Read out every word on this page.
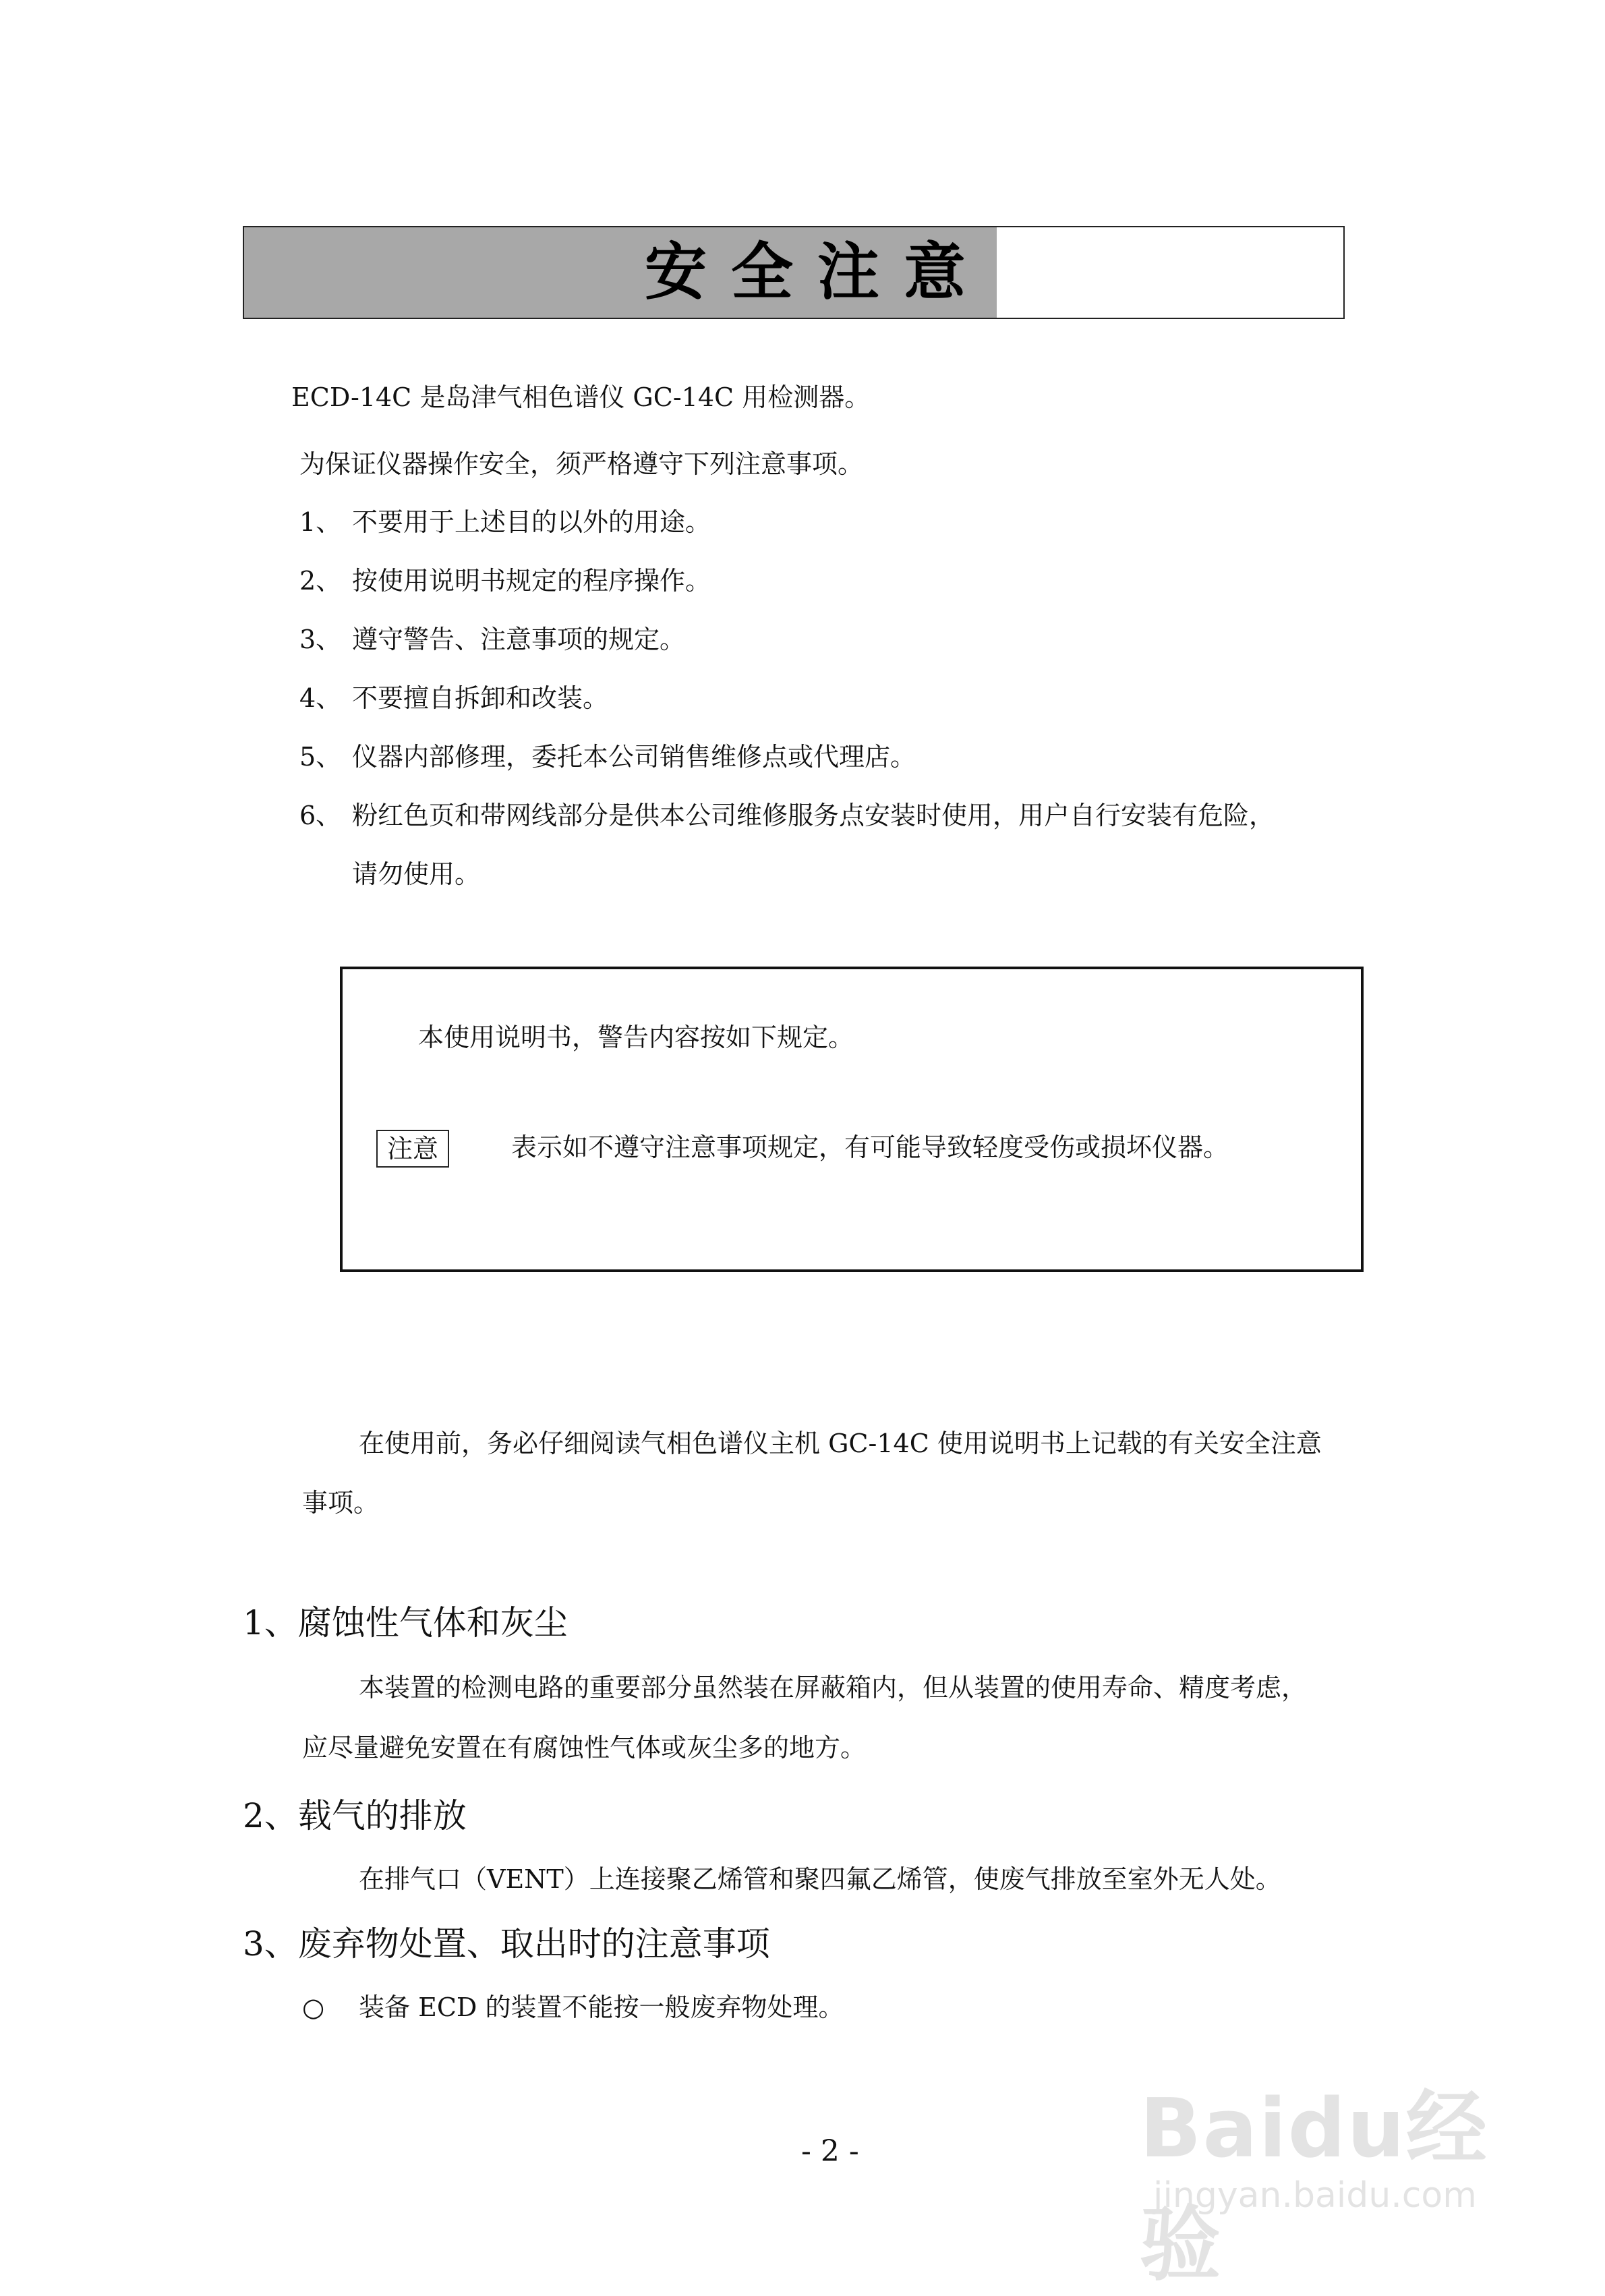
安全注意
ECD-14C 是岛津气相色谱仪 GC-14C 用检测器。
为保证仪器操作安全，须严格遵守下列注意事项。
1、 不要用于上述目的以外的用途。
2、 按使用说明书规定的程序操作。
3、 遵守警告、注意事项的规定。
4、 不要擅自拆卸和改装。
5、 仪器内部修理，委托本公司销售维修点或代理店。
6、 粉红色页和带网线部分是供本公司维修服务点安装时使用，用户自行安装有危险，
请勿使用。
本使用说明书，警告内容按如下规定。
注意	表示如不遵守注意事项规定，有可能导致轻度受伤或损坏仪器。
在使用前，务必仔细阅读气相色谱仪主机 GC-14C 使用说明书上记载的有关安全注意
事项。
1、腐蚀性气体和灰尘
本装置的检测电路的重要部分虽然装在屏蔽箱内，但从装置的使用寿命、精度考虑，
应尽量避免安置在有腐蚀性气体或灰尘多的地方。
2、载气的排放
在排气口（VENT）上连接聚乙烯管和聚四氟乙烯管，使废气排放至室外无人处。
3、废弃物处置、取出时的注意事项
○ 装备 ECD 的装置不能按一般废弃物处理。
- 2 -	Baidu经验
jingyan.baidu.com
